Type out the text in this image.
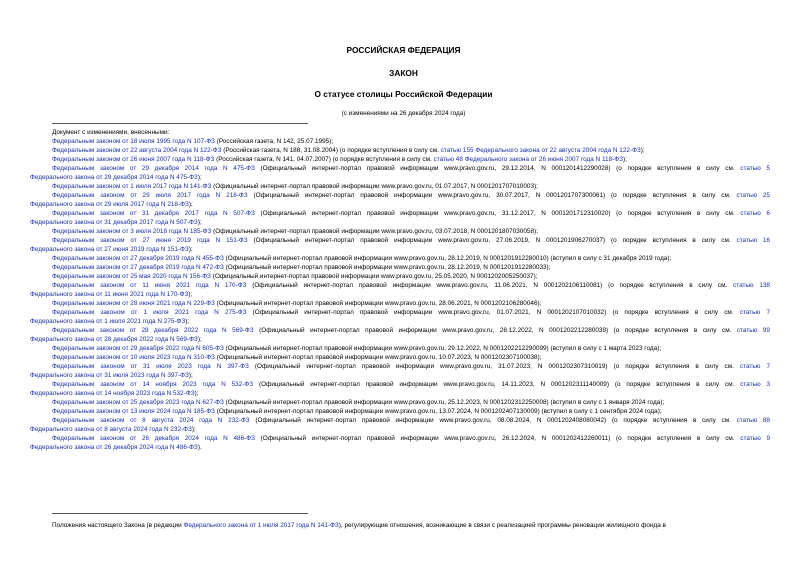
РОССИЙСКАЯ ФЕДЕРАЦИЯ
ЗАКОН
О статусе столицы Российской Федерации
(с изменениями на 26 декабря 2024 года)
Документ с изменениями, внесенными:
Федеральным законом от 18 июля 1995 года N 107-ФЗ (Российская газета, N 142, 25.07.1995);
Федеральным законом от 22 августа 2004 года N 122-ФЗ (Российская газета, N 188, 31.08.2004) (о порядке вступления в силу см. статью 155 Федерального закона от 22 августа 2004 года N 122-ФЗ);
Федеральным законом от 26 июня 2007 года N 118-ФЗ (Российская газета, N 141, 04.07.2007) (о порядке вступления в силу см. статью 48 Федерального закона от 26 июня 2007 года N 118-ФЗ);
Федеральным законом от 29 декабря 2014 года N 475-ФЗ (Официальный интернет-портал правовой информации www.pravo.gov.ru, 29.12.2014, N 0001201412290028) (о порядке вступления в силу см. статью 5
Федерального закона от 29 декабря 2014 года N 475-ФЗ);
Федеральным законом от 1 июля 2017 года N 141-ФЗ (Официальный интернет-портал правовой информации www.pravo.gov.ru, 01.07.2017, N 0001201707010003);
Федеральным законом от 29 июля 2017 года N 218-ФЗ (Официальный интернет-портал правовой информации www.pravo.gov.ru, 30.07.2017, N 0001201707300061) (о порядке вступления в силу см. статью 25
Федерального закона от 29 июля 2017 года N 218-ФЗ);
Федеральным законом от 31 декабря 2017 года N 507-ФЗ (Официальный интернет-портал правовой информации www.pravo.gov.ru, 31.12.2017, N 0001201712310020) (о порядке вступления в силу см. статью 6
Федерального закона от 31 декабря 2017 года N 507-ФЗ);
Федеральным законом от 3 июля 2018 года N 185-ФЗ (Официальный интернет-портал правовой информации www.pravo.gov.ru, 03.07.2018, N 0001201807030058);
Федеральным законом от 27 июня 2019 года N 151-ФЗ (Официальный интернет-портал правовой информации www.pravo.gov.ru, 27.06.2019, N 0001201906270037) (о порядке вступления в силу см. статью 16
Федерального закона от 27 июня 2019 года N 151-ФЗ);
Федеральным законом от 27 декабря 2019 года N 455-ФЗ (Официальный интернет-портал правовой информации www.pravo.gov.ru, 28.12.2019, N 0001201912280010) (вступил в силу с 31 декабря 2019 года);
Федеральным законом от 27 декабря 2019 года N 472-ФЗ (Официальный интернет-портал правовой информации www.pravo.gov.ru, 28.12.2019, N 0001201912280033);
Федеральным законом от 25 мая 2020 года N 156-ФЗ (Официальный интернет-портал правовой информации www.pravo.gov.ru, 25.05.2020, N 0001202005250037);
Федеральным законом от 11 июня 2021 года N 170-ФЗ (Официальный интернет-портал правовой информации www.pravo.gov.ru, 11.06.2021, N 0001202106110081) (о порядке вступления в силу см. статью 138
Федерального закона от 11 июня 2021 года N 170-ФЗ);
Федеральным законом от 28 июня 2021 года N 229-ФЗ (Официальный интернет-портал правовой информации www.pravo.gov.ru, 28.06.2021, N 0001202106280046);
Федеральным законом от 1 июля 2021 года N 275-ФЗ (Официальный интернет-портал правовой информации www.pravo.gov.ru, 01.07.2021, N 0001202107010032) (о порядке вступления в силу см. статью 7
Федерального закона от 1 июля 2021 года N 275-ФЗ);
Федеральным законом от 28 декабря 2022 года N 569-ФЗ (Официальный интернет-портал правовой информации www.pravo.gov.ru, 28.12.2022, N 0001202212280039) (о порядке вступления в силу см. статью 99
Федерального закона от 28 декабря 2022 года N 569-ФЗ);
Федеральным законом от 29 декабря 2022 года N 605-ФЗ (Официальный интернет-портал правовой информации www.pravo.gov.ru, 29.12.2022, N 0001202212290099) (вступил в силу с 1 марта 2023 года);
Федеральным законом от 10 июля 2023 года N 310-ФЗ (Официальный интернет-портал правовой информации www.pravo.gov.ru, 10.07.2023, N 0001202307100038);
Федеральным законом от 31 июля 2023 года N 397-ФЗ (Официальный интернет-портал правовой информации www.pravo.gov.ru, 31.07.2023, N 0001202307310019) (о порядке вступления в силу см. статью 7
Федерального закона от 31 июля 2023 года N 397-ФЗ);
Федеральным законом от 14 ноября 2023 года N 532-ФЗ (Официальный интернет-портал правовой информации www.pravo.gov.ru, 14.11.2023, N 0001202311140009) (о порядке вступления в силу см. статью 3
Федерального закона от 14 ноября 2023 года N 532-ФЗ);
Федеральным законом от 25 декабря 2023 года N 627-ФЗ (Официальный интернет-портал правовой информации www.pravo.gov.ru, 25.12.2023, N 0001202312250008) (вступил в силу с 1 января 2024 года);
Федеральным законом от 13 июля 2024 года N 185-ФЗ (Официальный интернет-портал правовой информации www.pravo.gov.ru, 13.07.2024, N 0001202407130009) (вступил в силу с 1 сентября 2024 года);
Федеральным законом от 8 августа 2024 года N 232-ФЗ (Официальный интернет-портал правовой информации www.pravo.gov.ru, 08.08.2024, N 0001202408080042) (о порядке вступления в силу см. статью 88
Федерального закона от 8 августа 2024 года N 232-ФЗ);
Федеральным законом от 26 декабря 2024 года N 486-ФЗ (Официальный интернет-портал правовой информации www.pravo.gov.ru, 26.12.2024, N 0001202412260011) (о порядке вступления в силу см. статью 9
Федерального закона от 26 декабря 2024 года N 486-ФЗ).
Положения настоящего Закона (в редакции Федерального закона от 1 июля 2017 года N 141-ФЗ), регулирующие отношения, возникающие в связи с реализацией программы реновации жилищного фонда в
